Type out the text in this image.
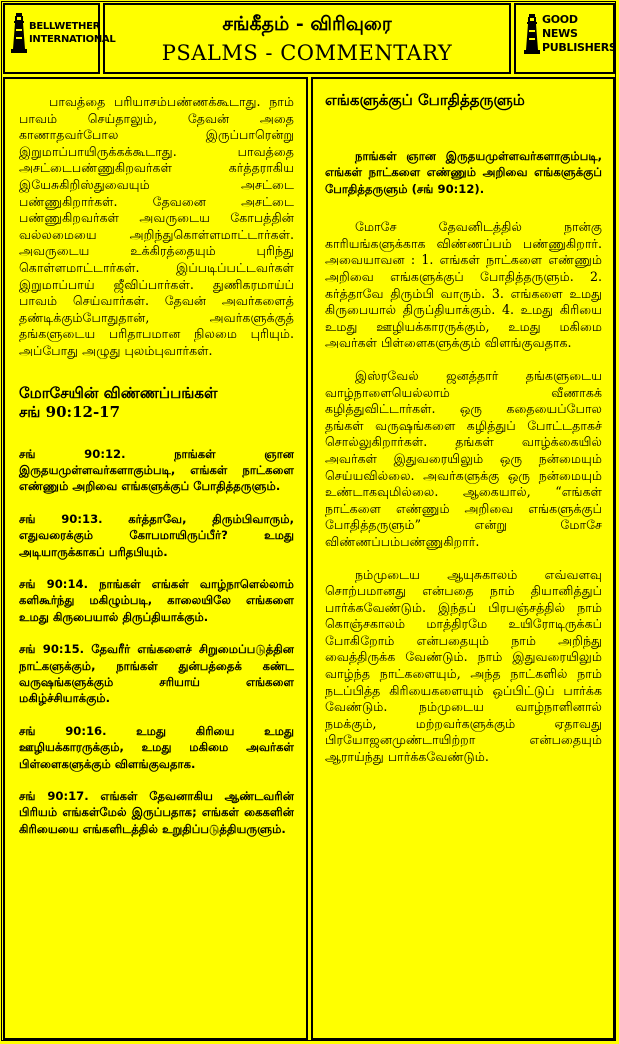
BELLWETHER
INTERNATIONAL
சங்கீதம் - விரிவுரை
PSALMS - COMMENTARY
GOOD NEWS
PUBLISHERS

பாவத்தை பரியாசம்பண்ணக்கூடாது. நாம் பாவம் செய்தாலும், தேவன் அதை காணாதவர்போல இருப்பாரென்று இறுமாப்பாயிருக்கக்கூடாது. பாவத்தை அசட்டைபண்ணுகிறவர்கள் கர்த்தராகிய இயேசுகிறிஸ்துவையும் அசட்டை பண்ணுகிறார்கள். தேவனை அசட்டை பண்ணுகிறவர்கள் அவருடைய கோபத்தின் வல்லமையை அறிந்துகொள்ளமாட்டார்கள். அவருடைய உக்கிரத்தையும் புரிந்து கொள்ளமாட்டார்கள். இப்படிப்பட்டவர்கள் இறுமாப்பாய் ஜீவிப்பார்கள். துணிகரமாய்ப் பாவம் செய்வார்கள். தேவன் அவர்களைத் தண்டிக்கும்போதுதான், அவர்களுக்குத் தங்களுடைய பரிதாபமான நிலமை புரியும். அப்போது அழுது புலம்புவார்கள்.

மோசேயின் விண்ணப்பங்கள்

சங் 90:12-17

சங் 90:12. நாங்கள் ஞான இருதயமுள்ளவர்களாகும்படி, எங்கள் நாட்களை எண்ணும் அறிவை எங்களுக்குப் போதித்தருளும்.

சங் 90:13. கர்த்தாவே, திரும்பிவாரும், எதுவரைக்கும் கோபமாயிருப்பீர்? உமது அடியாருக்காகப் பரிதபியும்.

சங் 90:14. நாங்கள் எங்கள் வாழ்நாளெல்லாம் களிகூர்ந்து மகிழும்படி, காலையிலே எங்களை உமது கிருபையால் திருப்தியாக்கும்.

சங் 90:15. தேவரீர் எங்களைச் சிறுமைப்படுத்தின நாட்களுக்கும், நாங்கள் துன்பத்தைக் கண்ட வருஷங்களுக்கும் சரியாய் எங்களை மகிழ்ச்சியாக்கும்.

சங் 90:16. உமது கிரியை உமது ஊழியக்காரருக்கும், உமது மகிமை அவர்கள் பிள்ளைகளுக்கும் விளங்குவதாக.

சங் 90:17. எங்கள் தேவனாகிய ஆண்டவரின் பிரியம் எங்கள்மேல் இருப்பதாக; எங்கள் கைகளின் கிரியையை எங்களிடத்தில் உறுதிப்படுத்தியருளும்.

எங்களுக்குப் போதித்தருளும்

நாங்கள் ஞான இருதயமுள்ளவர்களாகும்படி, எங்கள் நாட்களை எண்ணும் அறிவை எங்களுக்குப் போதித்தருளும் (சங் 90:12).

மோசே தேவனிடத்தில் நான்கு காரியங்களுக்காக விண்ணப்பம் பண்ணுகிறார். அவையாவன : 1. எங்கள் நாட்களை எண்ணும் அறிவை எங்களுக்குப் போதித்தருளும். 2. கர்த்தாவே திரும்பி வாரும். 3. எங்களை உமது கிருபையால் திருப்தியாக்கும். 4. உமது கிரியை உமது ஊழியக்காரருக்கும், உமது மகிமை அவர்கள் பிள்ளைகளுக்கும் விளங்குவதாக.

இஸ்ரவேல் ஜனத்தார் தங்களுடைய வாழ்நாளையெல்லாம் வீணாகக் கழித்துவிட்டார்கள். ஒரு கதையைப்போல தங்கள் வருஷங்களை கழித்துப் போட்டதாகச் சொல்லுகிறார்கள். தங்கள் வாழ்க்கையில் அவர்கள் இதுவரையிலும் ஒரு நன்மையும் செய்யவில்லை. அவர்களுக்கு ஒரு நன்மையும் உண்டாகவுமில்லை. ஆகையால், “எங்கள் நாட்களை எண்ணும் அறிவை எங்களுக்குப் போதித்தருளும்” என்று மோசே விண்ணப்பம்பண்ணுகிறார்.

நம்முடைய ஆயுசுகாலம் எவ்வளவு சொற்பமானது என்பதை நாம் தியானித்துப் பார்க்கவேண்டும். இந்தப் பிரபஞ்சத்தில் நாம் கொஞ்சகாலம் மாத்திரமே உயிரோடிருக்கப் போகிறோம் என்பதையும் நாம் அறிந்து வைத்திருக்க வேண்டும். நாம் இதுவரையிலும் வாழ்ந்த நாட்களையும், அந்த நாட்களில் நாம் நடப்பித்த கிரியைகளையும் ஒப்பிட்டுப் பார்க்க வேண்டும். நம்முடைய வாழ்நாளினால் நமக்கும், மற்றவர்களுக்கும் ஏதாவது பிரயோஜனமுண்டாயிற்றா என்பதையும் ஆராய்ந்து பார்க்கவேண்டும்.
